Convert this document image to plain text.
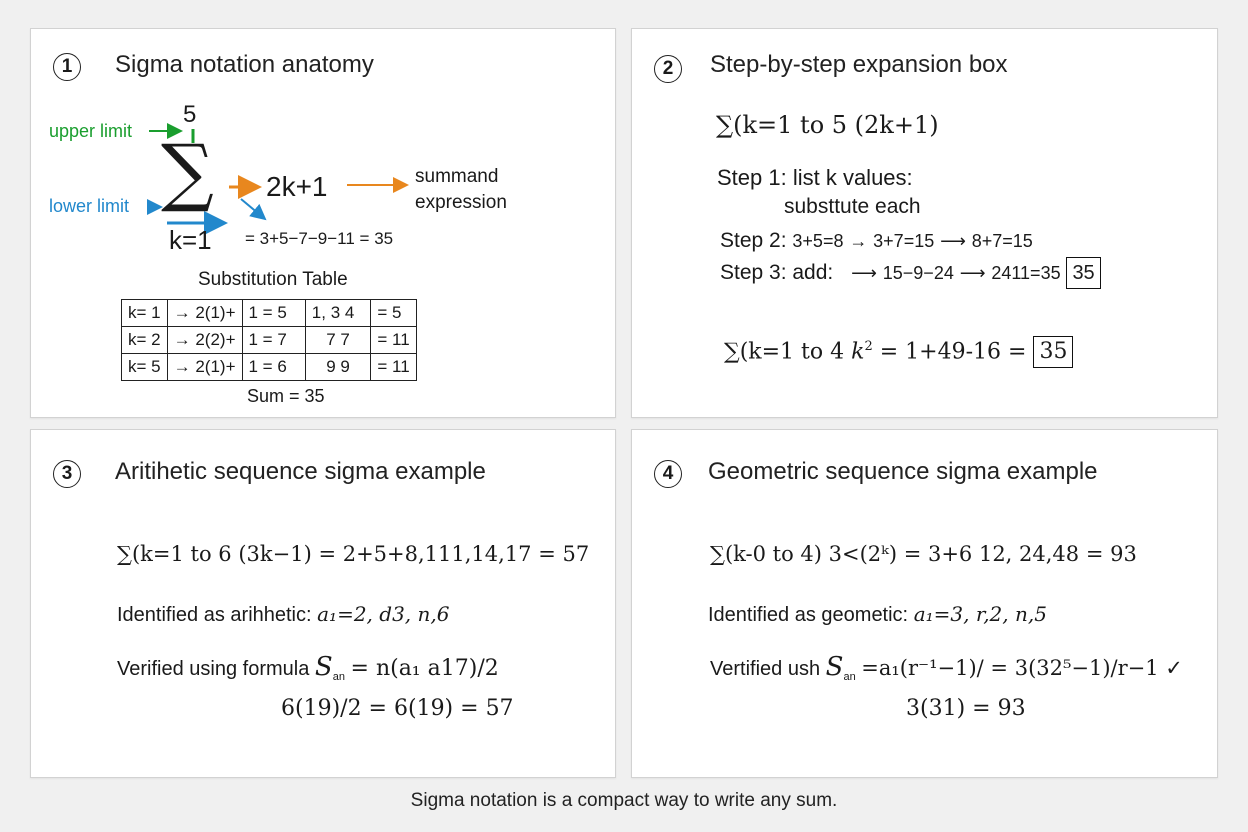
1	Sigma notation anatomy
upper limit
lower limit
5
∑
k=1
2k+1	summand
expression
= 3+5−7−9−11 = 35
Substitution Table
k= 1	→ 2(1)+	1 = 5	1, 3 4	= 5
k= 2	→ 2(2)+	1 = 7	7 7	= 11
k= 5	→ 2(1)+	1 = 6	9 9	= 11
Sum = 35
2	Step-by-step expansion box
∑(k=1 to 5 (2k+1)
Step 1: list k values:
substtute each
Step 2: 3+5=8 → 3+7=15 ⟶ 8+7=15
Step 3: add: ⟶ 15−9−24 ⟶ 2411=35 35
∑(k=1 to 4 $k^2 = 1+49-16 = 35$
3	Aritihetic sequence sigma example
∑(k=1 to 6 (3k−1) = 2+5+8,111,14,17 = 57
Identified as arihhetic: a₁=2, d3, n,6
Verified using formula $S_{an} = n(a_1$ a17)/2
6(19)/2 = 6(19) = 57
4	Geometric sequence sigma example
∑(k-0 to 4) 3<(2ᵏ) = 3+6 12, 24,48 = 93
Identified as geometic: a₁=3, r,2, n,5
Vertified ush $S_{an} =a_1(r^{-1}-1)/ = 3(32^5-1)/r-1$ ✓
3(31) = 93
Sigma notation is a compact way to write any sum.
